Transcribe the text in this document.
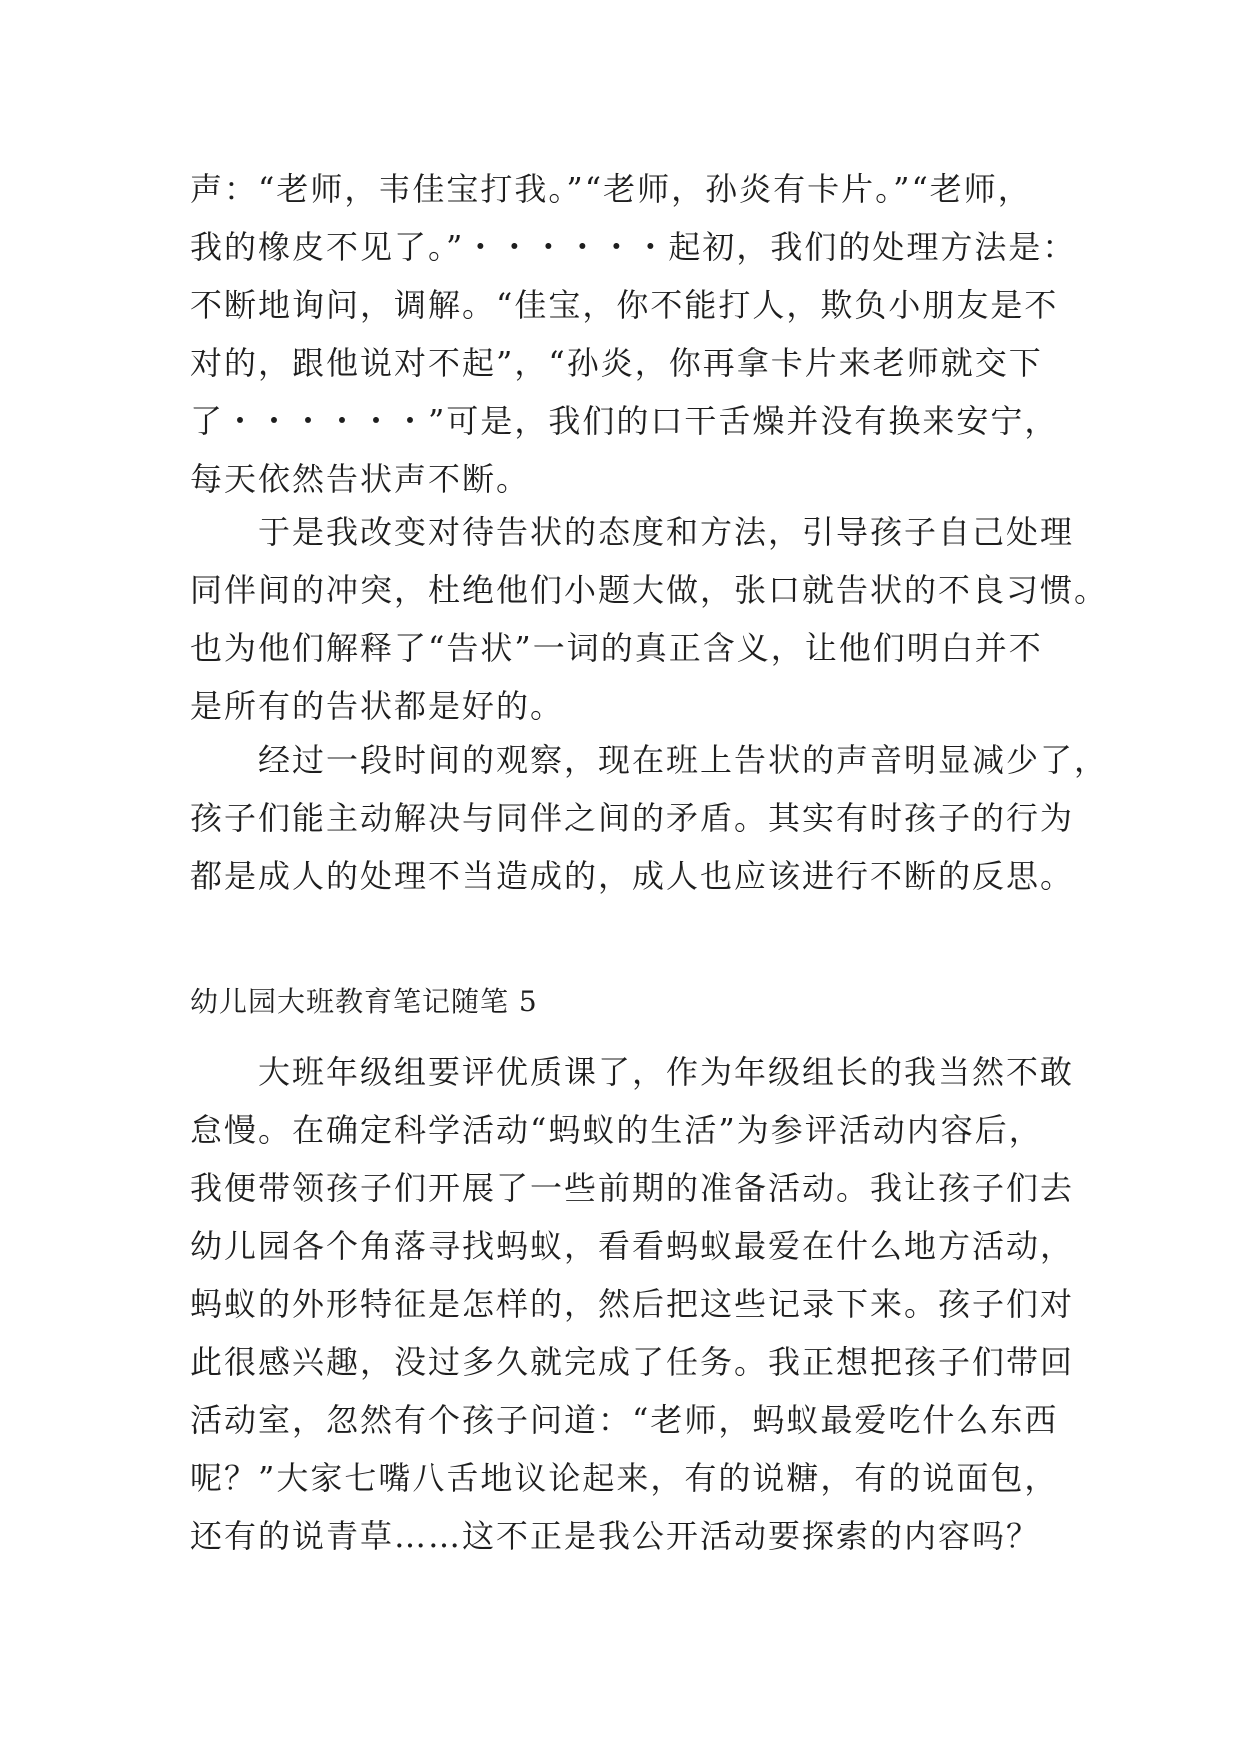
声：“老师，韦佳宝打我。”“老师，孙炎有卡片。”“老师，
我的橡皮不见了。”・・・・・・起初，我们的处理方法是：
不断地询问，调解。“佳宝，你不能打人，欺负小朋友是不
对的，跟他说对不起”，“孙炎，你再拿卡片来老师就交下
了・・・・・・”可是，我们的口干舌燥并没有换来安宁，
每天依然告状声不断。
　　于是我改变对待告状的态度和方法，引导孩子自己处理
同伴间的冲突，杜绝他们小题大做，张口就告状的不良习惯。
也为他们解释了“告状”一词的真正含义，让他们明白并不
是所有的告状都是好的。
　　经过一段时间的观察，现在班上告状的声音明显减少了，
孩子们能主动解决与同伴之间的矛盾。其实有时孩子的行为
都是成人的处理不当造成的，成人也应该进行不断的反思。
幼儿园大班教育笔记随笔 5
　　大班年级组要评优质课了，作为年级组长的我当然不敢
怠慢。在确定科学活动“蚂蚁的生活”为参评活动内容后，
我便带领孩子们开展了一些前期的准备活动。我让孩子们去
幼儿园各个角落寻找蚂蚁，看看蚂蚁最爱在什么地方活动，
蚂蚁的外形特征是怎样的，然后把这些记录下来。孩子们对
此很感兴趣，没过多久就完成了任务。我正想把孩子们带回
活动室，忽然有个孩子问道：“老师，蚂蚁最爱吃什么东西
呢？”大家七嘴八舌地议论起来，有的说糖，有的说面包，
还有的说青草……这不正是我公开活动要探索的内容吗？
